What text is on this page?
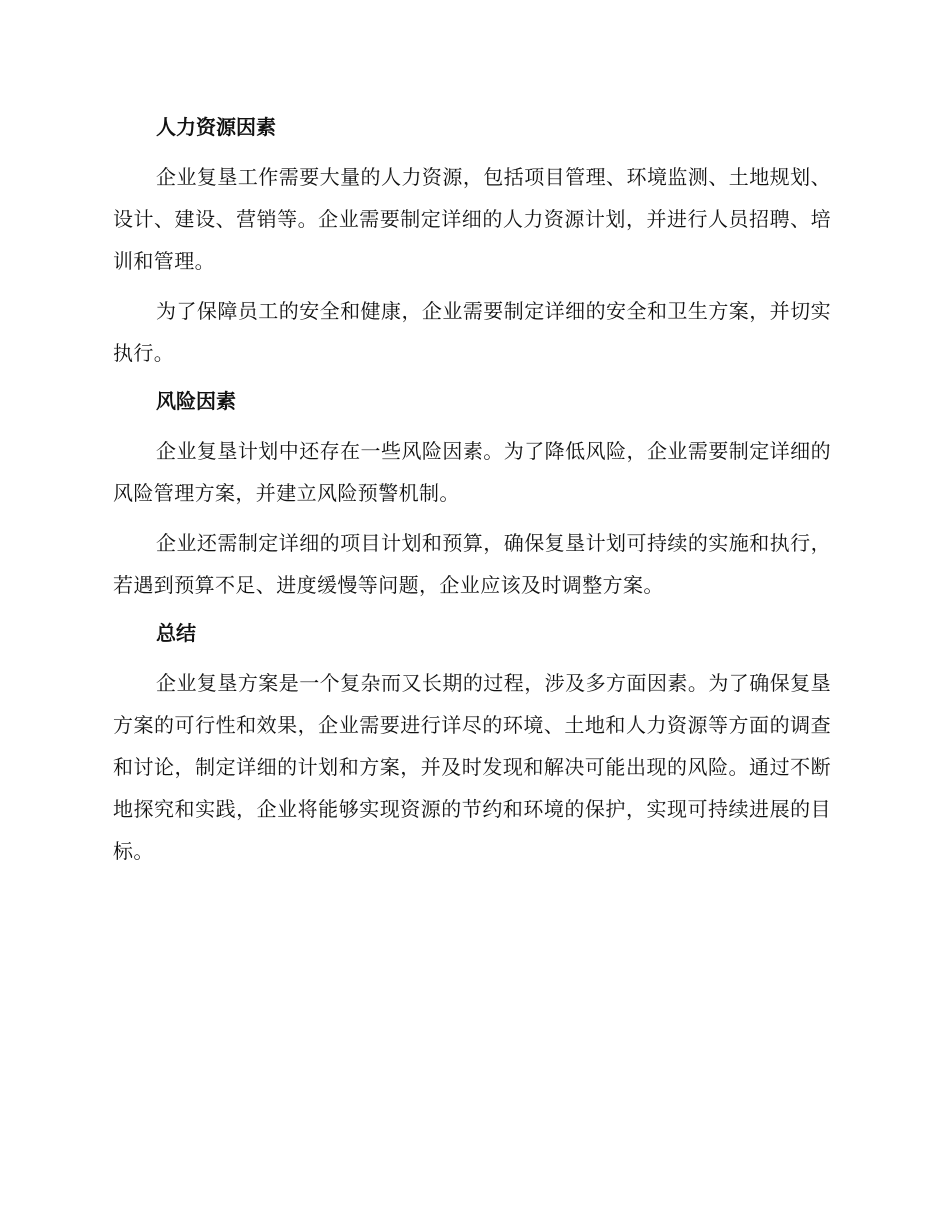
人力资源因素

企业复垦工作需要大量的人力资源，包括项目管理、环境监测、土地规划、设计、建设、营销等。企业需要制定详细的人力资源计划，并进行人员招聘、培训和管理。

为了保障员工的安全和健康，企业需要制定详细的安全和卫生方案，并切实执行。

风险因素

企业复垦计划中还存在一些风险因素。为了降低风险，企业需要制定详细的风险管理方案，并建立风险预警机制。

企业还需制定详细的项目计划和预算，确保复垦计划可持续的实施和执行，若遇到预算不足、进度缓慢等问题，企业应该及时调整方案。

总结

企业复垦方案是一个复杂而又长期的过程，涉及多方面因素。为了确保复垦方案的可行性和效果，企业需要进行详尽的环境、土地和人力资源等方面的调查和讨论，制定详细的计划和方案，并及时发现和解决可能出现的风险。通过不断地探究和实践，企业将能够实现资源的节约和环境的保护，实现可持续进展的目标。
